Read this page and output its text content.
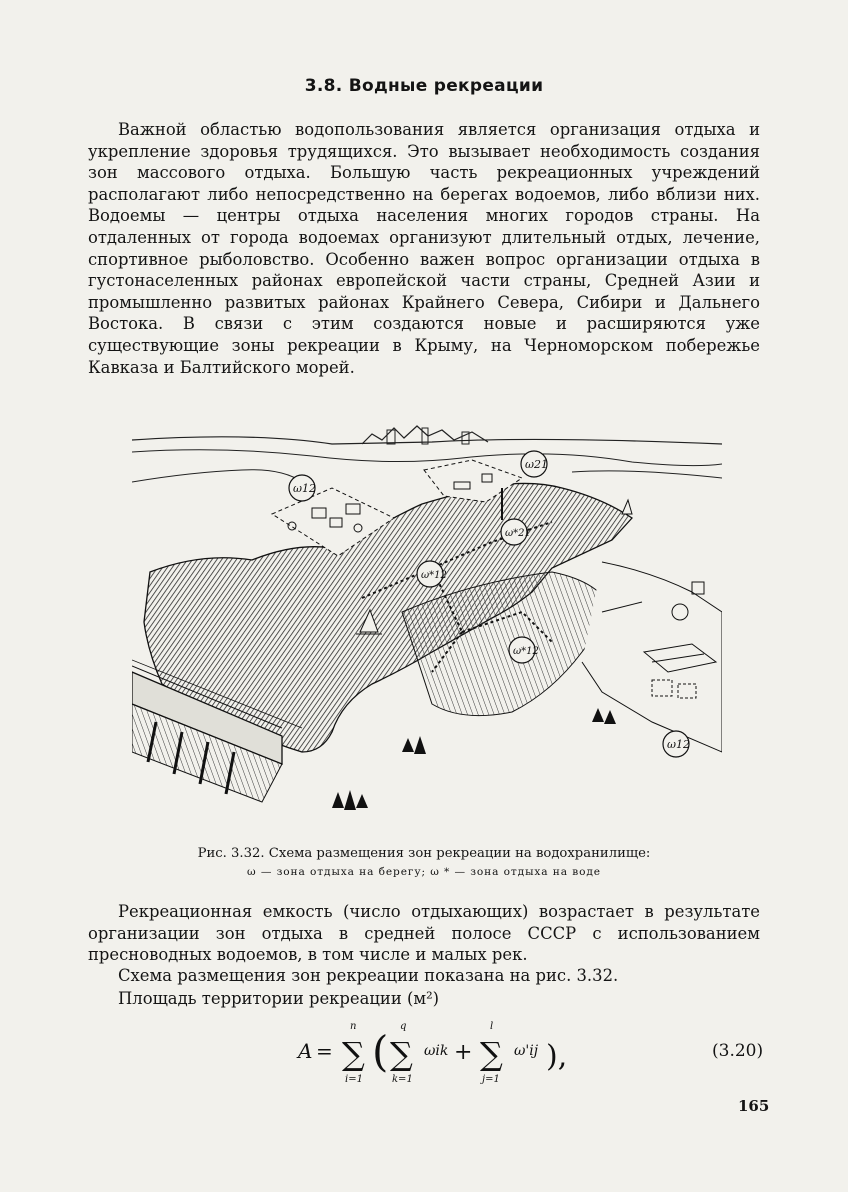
3.8. Водные рекреации

Важной областью водопользования является организация отдыха и укрепление здоровья трудящихся. Это вызывает необходимость создания зон массового отдыха. Большую часть рекреационных учреждений располагают либо непосредственно на берегах водоемов, либо вблизи них. Водоемы — центры отдыха населения многих городов страны. На отдаленных от города водоемах организуют длительный отдых, лечение, спортивное рыболовство. Особенно важен вопрос организации отдыха в густонаселенных районах европейской части страны, Средней Азии и промышленно развитых районах Крайнего Севера, Сибири и Дальнего Востока. В связи с этим создаются новые и расширяются уже существующие зоны рекреации в Крыму, на Черноморском побережье Кавказа и Балтийского морей.

ω12
ω21
ω*21
ω*12
ω*12
ω12
Рис. 3.32. Схема размещения зон рекреации на водохранилище:
ω — зона отдыха на берегу; ω * — зона отдыха на воде

Рекреационная емкость (число отдыхающих) возрастает в результате организации зон отдыха в средней полосе СССР с использованием пресноводных водоемов, в том числе и малых рек.

Схема размещения зон рекреации показана на рис. 3.32.
Площадь территории рекреации (м²)
A = ∑
n
i=1
( ∑
q
k=1
ωik + ∑
l
j=1
ω'ij ),	(3.20)
165
